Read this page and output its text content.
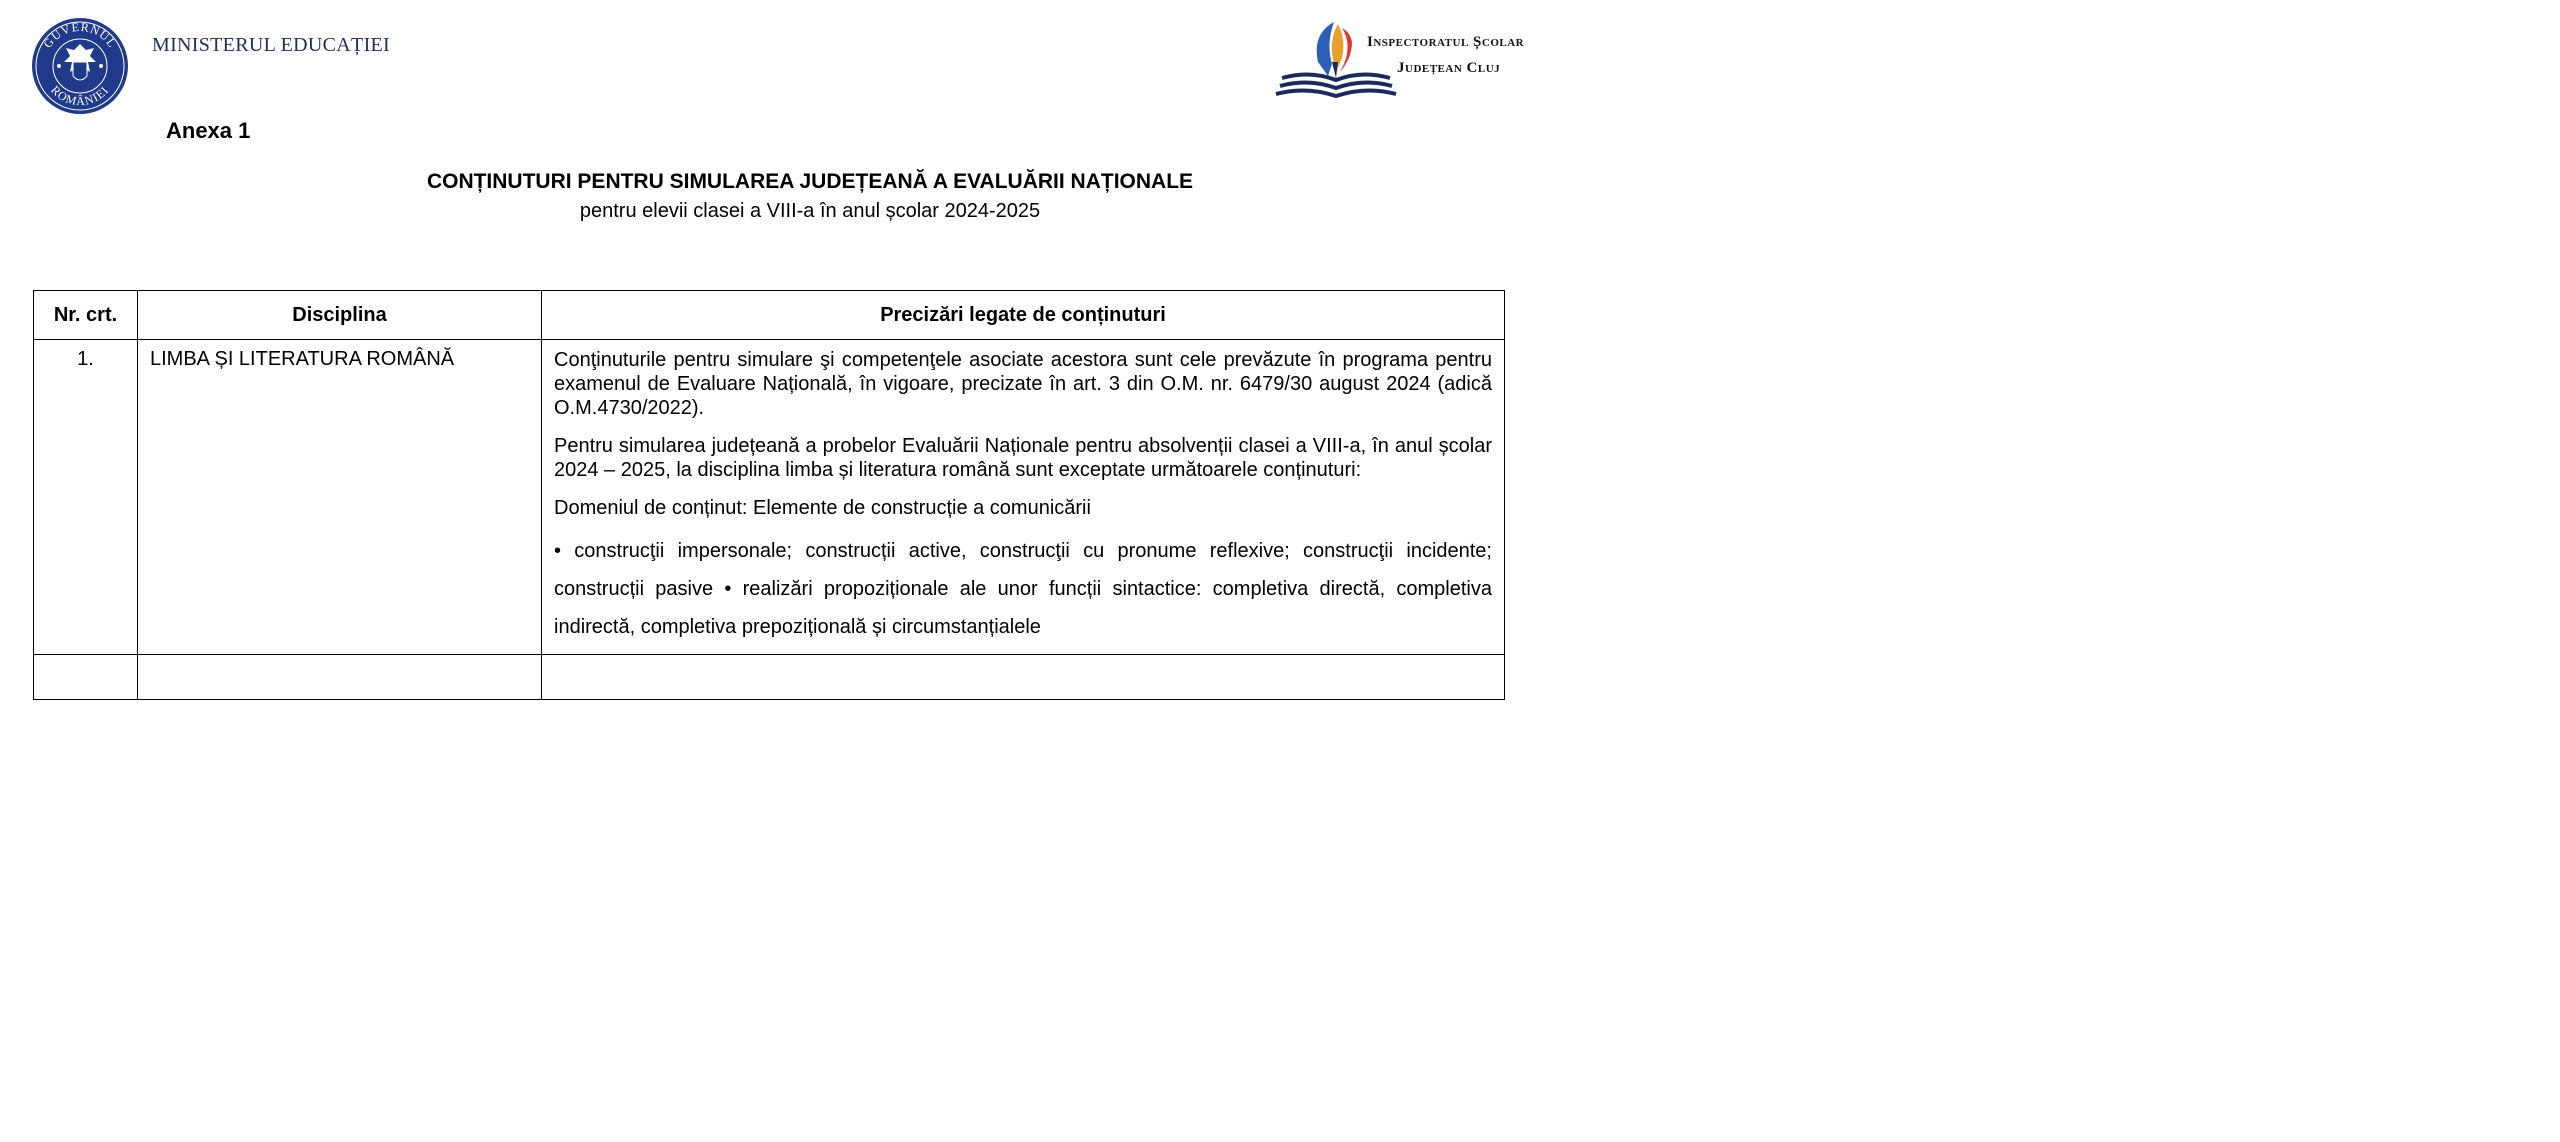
GUVERNUL
ROMÂNIEI
MINISTERUL EDUCAȚIEI	Inspectoratul Școlar
Județean Cluj
Anexa 1
CONȚINUTURI PENTRU SIMULAREA JUDEȚEANĂ A EVALUĂRII NAȚIONALE
pentru elevii clasei a VIII-a în anul școlar 2024-2025
Nr. crt.	Disciplina	Precizări legate de conținuturi
1.	LIMBA ȘI LITERATURA ROMÂNĂ	Conţinuturile pentru simulare şi competenţele asociate acestora sunt cele prevăzute în programa pentru examenul de Evaluare Națională, în vigoare, precizate în art. 3 din O.M. nr. 6479/30 august 2024 (adică O.M.4730/2022).

Pentru simularea județeană a probelor Evaluării Naționale pentru absolvenții clasei a VIII-a, în anul școlar 2024 – 2025, la disciplina limba și literatura română sunt exceptate următoarele conținuturi:

Domeniul de conținut: Elemente de construcție a comunicării

• construcţii impersonale; construcții active, construcţii cu pronume reflexive; construcţii incidente; construcții pasive • realizări propoziționale ale unor funcții sintactice: completiva directă, completiva indirectă, completiva prepozițională și circumstanțialele
